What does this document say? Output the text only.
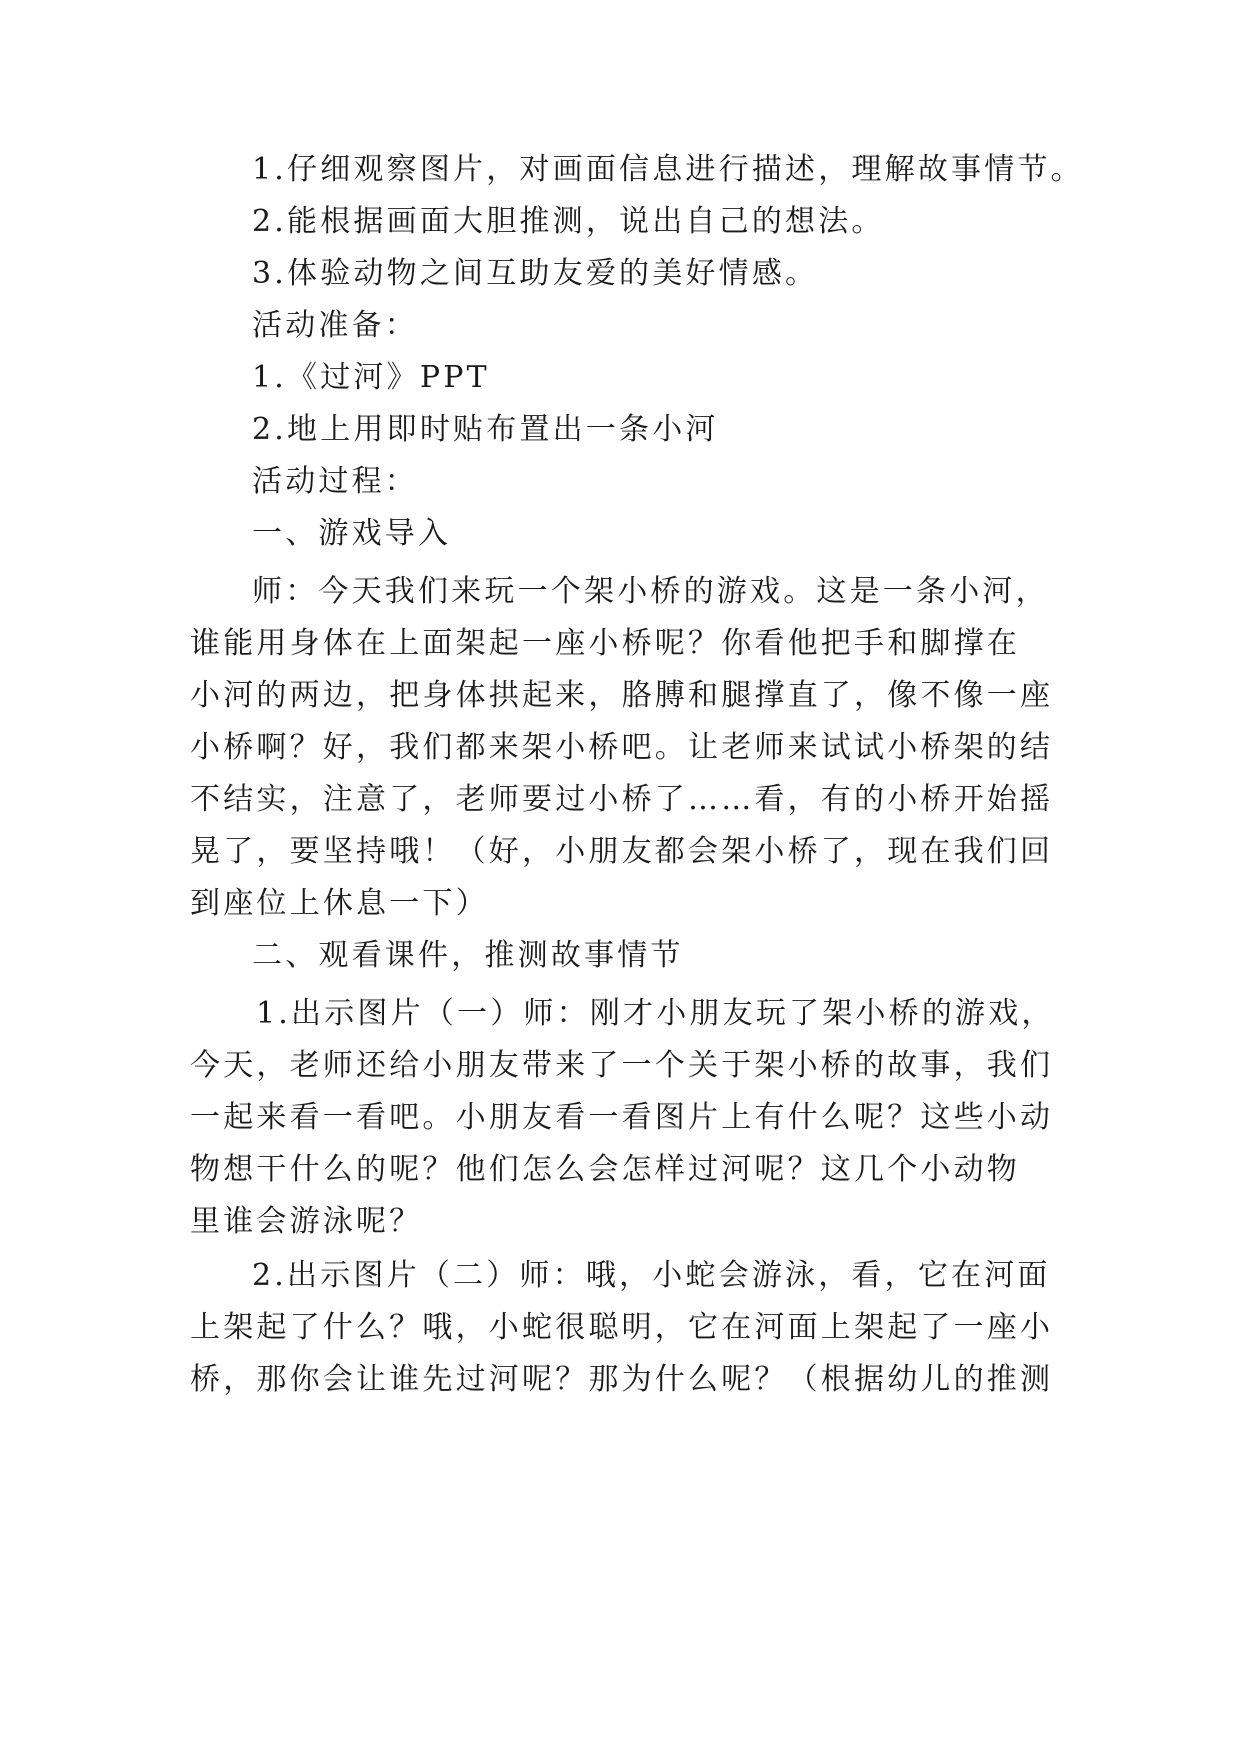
1.仔细观察图片，对画面信息进行描述，理解故事情节。
2.能根据画面大胆推测，说出自己的想法。
3.体验动物之间互助友爱的美好情感。
活动准备：
1.《过河》PPT
2.地上用即时贴布置出一条小河
活动过程：
一、游戏导入
师：今天我们来玩一个架小桥的游戏。这是一条小河，
谁能用身体在上面架起一座小桥呢？你看他把手和脚撑在
小河的两边，把身体拱起来，胳膊和腿撑直了，像不像一座
小桥啊？好，我们都来架小桥吧。让老师来试试小桥架的结
不结实，注意了，老师要过小桥了……看，有的小桥开始摇
晃了，要坚持哦！（好，小朋友都会架小桥了，现在我们回
到座位上休息一下）
二、观看课件，推测故事情节
1.出示图片（一）师：刚才小朋友玩了架小桥的游戏，
今天，老师还给小朋友带来了一个关于架小桥的故事，我们
一起来看一看吧。小朋友看一看图片上有什么呢？这些小动
物想干什么的呢？他们怎么会怎样过河呢？这几个小动物
里谁会游泳呢？
2.出示图片（二）师：哦，小蛇会游泳，看，它在河面
上架起了什么？哦，小蛇很聪明，它在河面上架起了一座小
桥，那你会让谁先过河呢？那为什么呢？（根据幼儿的推测
